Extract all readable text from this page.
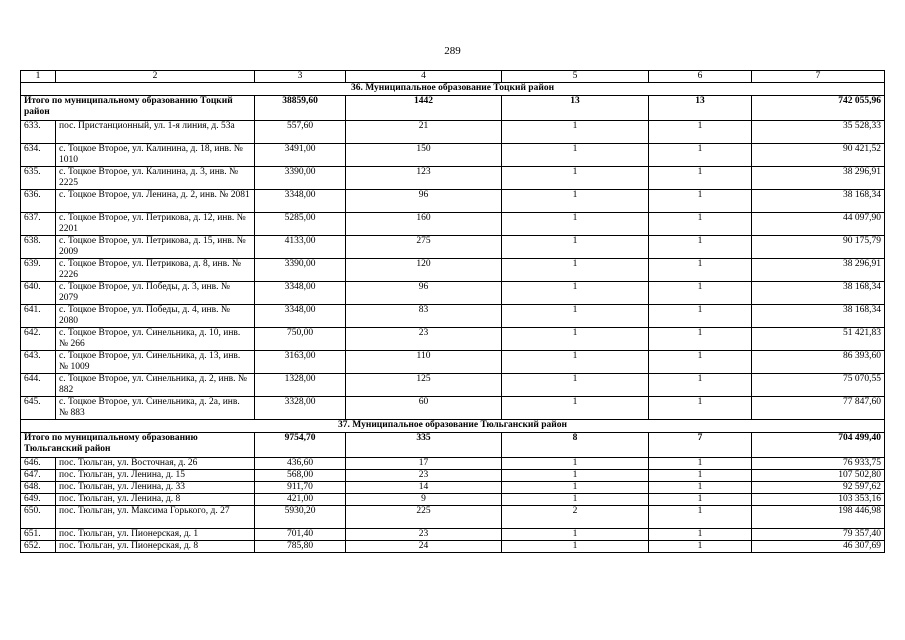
289
1	2	3	4	5	6	7
36. Муниципальное образование Тоцкий район						
Итого по муниципальному образованию Тоцкий район		38859,60	1442	13	13	742 055,96
633.	пос. Пристанционный, ул. 1-я линия, д. 53а	557,60	21	1	1	35 528,33
634.	с. Тоцкое Второе, ул. Калинина, д. 18, инв. № 1010	3491,00	150	1	1	90 421,52
635.	с. Тоцкое Второе, ул. Калинина, д. 3, инв. № 2225	3390,00	123	1	1	38 296,91
636.	с. Тоцкое Второе, ул. Ленина, д. 2, инв. № 2081	3348,00	96	1	1	38 168,34
637.	с. Тоцкое Второе, ул. Петрикова, д. 12, инв. № 2201	5285,00	160	1	1	44 097,90
638.	с. Тоцкое Второе, ул. Петрикова, д. 15, инв. № 2009	4133,00	275	1	1	90 175,79
639.	с. Тоцкое Второе, ул. Петрикова, д. 8, инв. № 2226	3390,00	120	1	1	38 296,91
640.	с. Тоцкое Второе, ул. Победы, д. 3, инв. № 2079	3348,00	96	1	1	38 168,34
641.	с. Тоцкое Второе, ул. Победы, д. 4, инв. № 2080	3348,00	83	1	1	38 168,34
642.	с. Тоцкое Второе, ул. Синельника, д. 10, инв. № 266	750,00	23	1	1	51 421,83
643.	с. Тоцкое Второе, ул. Синельника, д. 13, инв. № 1009	3163,00	110	1	1	86 393,60
644.	с. Тоцкое Второе, ул. Синельника, д. 2, инв. № 882	1328,00	125	1	1	75 070,55
645.	с. Тоцкое Второе, ул. Синельника, д. 2а, инв. № 883	3328,00	60	1	1	77 847,60
37. Муниципальное образование Тюльганский район						
Итого по муниципальному образованию Тюльганский район		9754,70	335	8	7	704 499,40
646.	пос. Тюльган, ул. Восточная, д. 26	436,60	17	1	1	76 933,75
647.	пос. Тюльган, ул. Ленина, д. 15	568,00	23	1	1	107 502,80
648.	пос. Тюльган, ул. Ленина, д. 33	911,70	14	1	1	92 597,62
649.	пос. Тюльган, ул. Ленина, д. 8	421,00	9	1	1	103 353,16
650.	пос. Тюльган, ул. Максима Горького, д. 27	5930,20	225	2	1	198 446,98
651.	пос. Тюльган, ул. Пионерская, д. 1	701,40	23	1	1	79 357,40
652.	пос. Тюльган, ул. Пионерская, д. 8	785,80	24	1	1	46 307,69
